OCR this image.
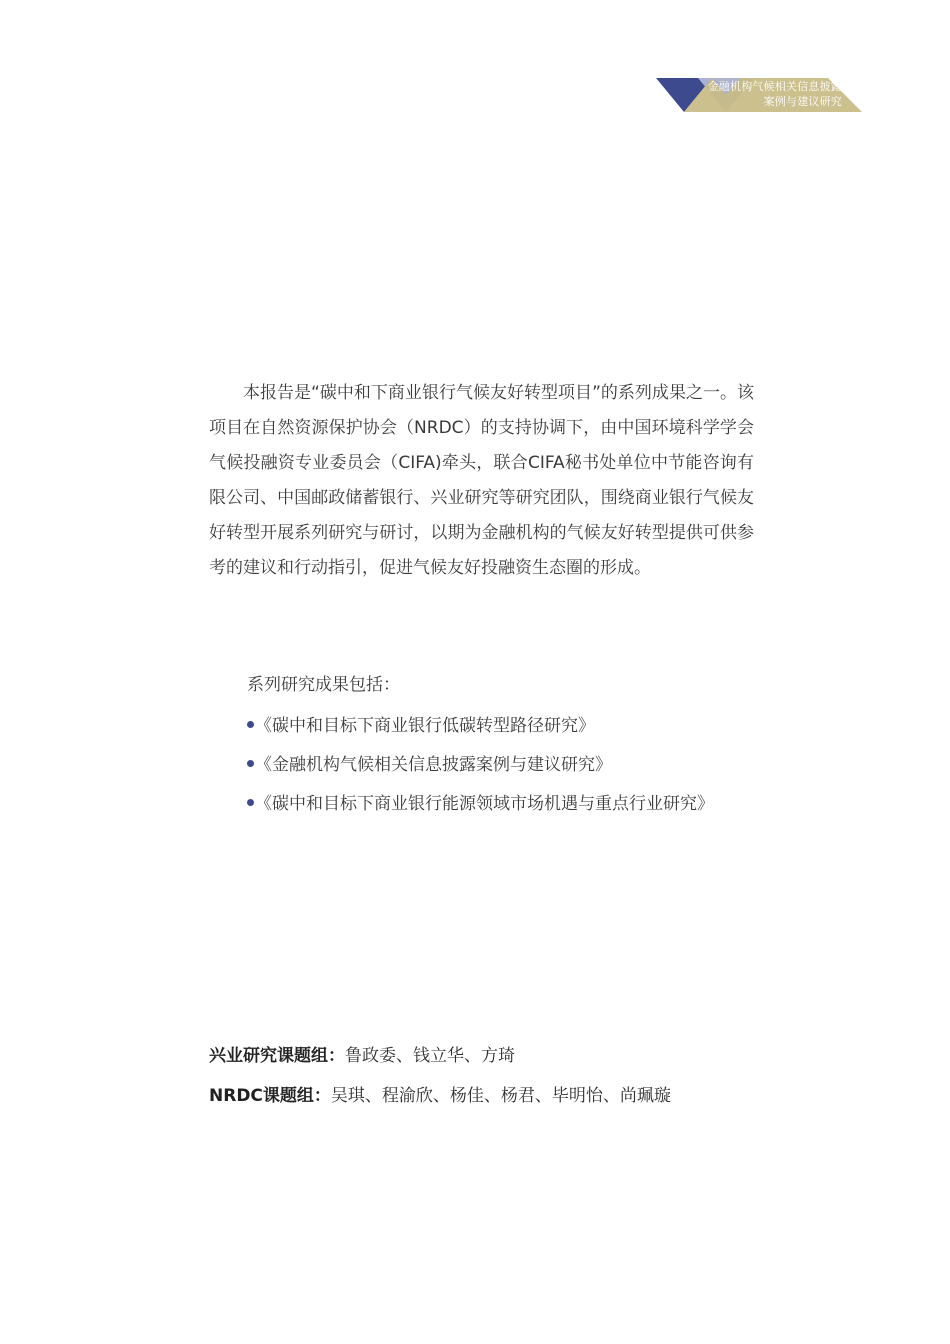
金融机构气候相关信息披露
案例与建议研究

本报告是“碳中和下商业银行气候友好转型项目”的系列成果之一。该项目在自然资源保护协会（NRDC）的支持协调下，由中国环境科学学会气候投融资专业委员会（CIFA)牵头，联合CIFA秘书处单位中节能咨询有限公司、中国邮政储蓄银行、兴业研究等研究团队，围绕商业银行气候友好转型开展系列研究与研讨，以期为金融机构的气候友好转型提供可供参考的建议和行动指引，促进气候友好投融资生态圈的形成。

系列研究成果包括：

《碳中和目标下商业银行低碳转型路径研究》
《金融机构气候相关信息披露案例与建议研究》
《碳中和目标下商业银行能源领域市场机遇与重点行业研究》
兴业研究课题组：鲁政委、钱立华、方琦
NRDC课题组：吴琪、程渝欣、杨佳、杨君、毕明怡、尚珮璇
